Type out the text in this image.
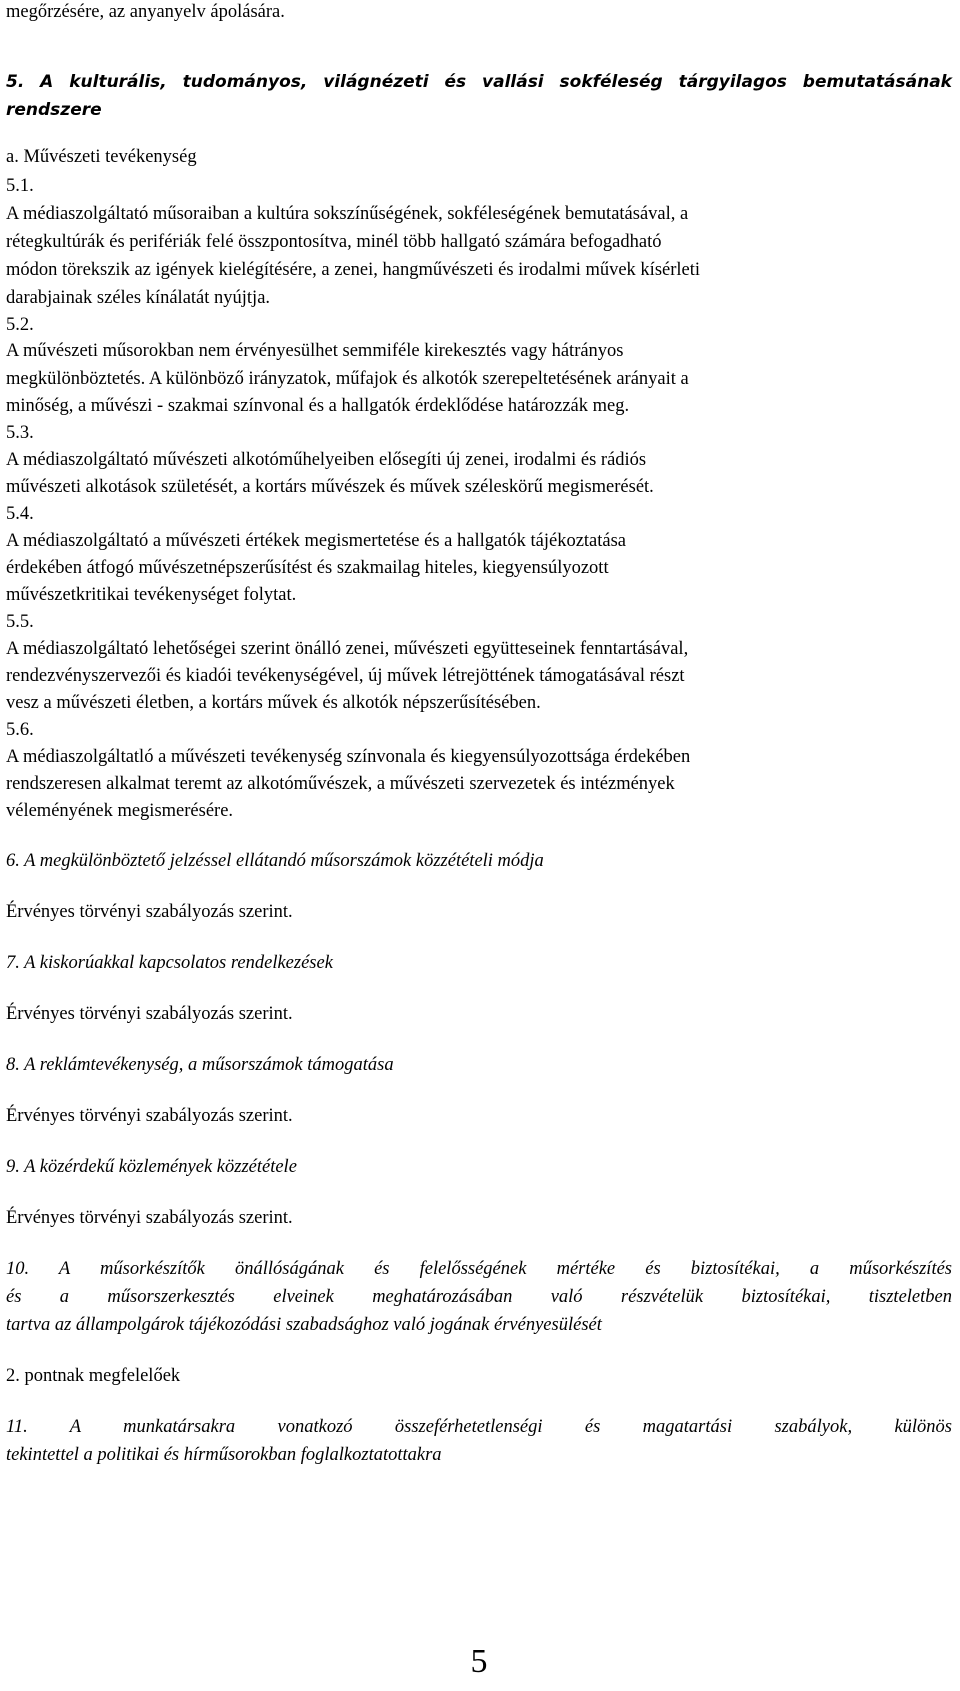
megőrzésére, az anyanyelv ápolására.
5. A kulturális, tudományos, világnézeti és vallási sokféleség tárgyilagos bemutatásának
rendszere
a. Művészeti tevékenység
5.1.
A médiaszolgáltató műsoraiban a kultúra sokszínűségének, sokféleségének bemutatásával, a
rétegkultúrák és perifériák felé összpontosítva, minél több hallgató számára befogadható
módon törekszik az igények kielégítésére, a zenei, hangművészeti és irodalmi művek kísérleti
darabjainak széles kínálatát nyújtja.
5.2.
A művészeti műsorokban nem érvényesülhet semmiféle kirekesztés vagy hátrányos
megkülönböztetés. A különböző irányzatok, műfajok és alkotók szerepeltetésének arányait a
minőség, a művészi - szakmai színvonal és a hallgatók érdeklődése határozzák meg.
5.3.
A médiaszolgáltató művészeti alkotóműhelyeiben elősegíti új zenei, irodalmi és rádiós
művészeti alkotások születését, a kortárs művészek és művek széleskörű megismerését.
5.4.
A médiaszolgáltató a művészeti értékek megismertetése és a hallgatók tájékoztatása
érdekében átfogó művészetnépszerűsítést és szakmailag hiteles, kiegyensúlyozott
művészetkritikai tevékenységet folytat.
5.5.
A médiaszolgáltató lehetőségei szerint önálló zenei, művészeti együtteseinek fenntartásával,
rendezvényszervezői és kiadói tevékenységével, új művek létrejöttének támogatásával részt
vesz a művészeti életben, a kortárs művek és alkotók népszerűsítésében.
5.6.
A médiaszolgáltatló a művészeti tevékenység színvonala és kiegyensúlyozottsága érdekében
rendszeresen alkalmat teremt az alkotóművészek, a művészeti szervezetek és intézmények
véleményének megismerésére.
6. A megkülönböztető jelzéssel ellátandó műsorszámok közzétételi módja
Érvényes törvényi szabályozás szerint.
7. A kiskorúakkal kapcsolatos rendelkezések
Érvényes törvényi szabályozás szerint.
8. A reklámtevékenység, a műsorszámok támogatása
Érvényes törvényi szabályozás szerint.
9. A közérdekű közlemények közzététele
Érvényes törvényi szabályozás szerint.
10. A műsorkészítők önállóságának és felelősségének mértéke és biztosítékai, a műsorkészítés
és a műsorszerkesztés elveinek meghatározásában való részvételük biztosítékai, tiszteletben
tartva az állampolgárok tájékozódási szabadsághoz való jogának érvényesülését
2. pontnak megfelelőek
11. A munkatársakra vonatkozó összeférhetetlenségi és magatartási szabályok, különös
tekintettel a politikai és hírműsorokban foglalkoztatottakra
5
